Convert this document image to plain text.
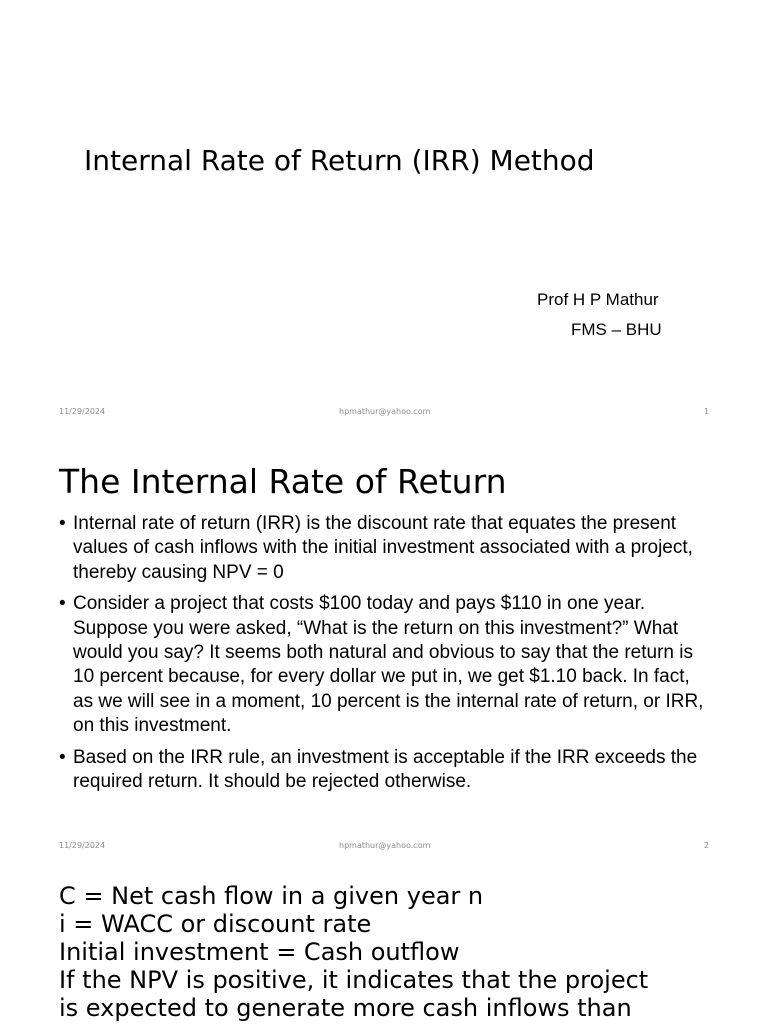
Internal Rate of Return (IRR) Method
Prof H P Mathur
FMS – BHU
11/29/2024	hpmathur@yahoo.com	1
The Internal Rate of Return
• Internal rate of return (IRR) is the discount rate that equates the present values of cash inflows with the initial investment associated with a project, thereby causing NPV = 0
• Consider a project that costs $100 today and pays $110 in one year. Suppose you were asked, “What is the return on this investment?” What would you say? It seems both natural and obvious to say that the return is 10 percent because, for every dollar we put in, we get $1.10 back. In fact, as we will see in a moment, 10 percent is the internal rate of return, or IRR, on this investment.
• Based on the IRR rule, an investment is acceptable if the IRR exceeds the required return. It should be rejected otherwise.
11/29/2024	hpmathur@yahoo.com	2
C = Net cash flow in a given year n
i = WACC or discount rate
Initial investment = Cash outflow
If the NPV is positive, it indicates that the project
is expected to generate more cash inflows than
